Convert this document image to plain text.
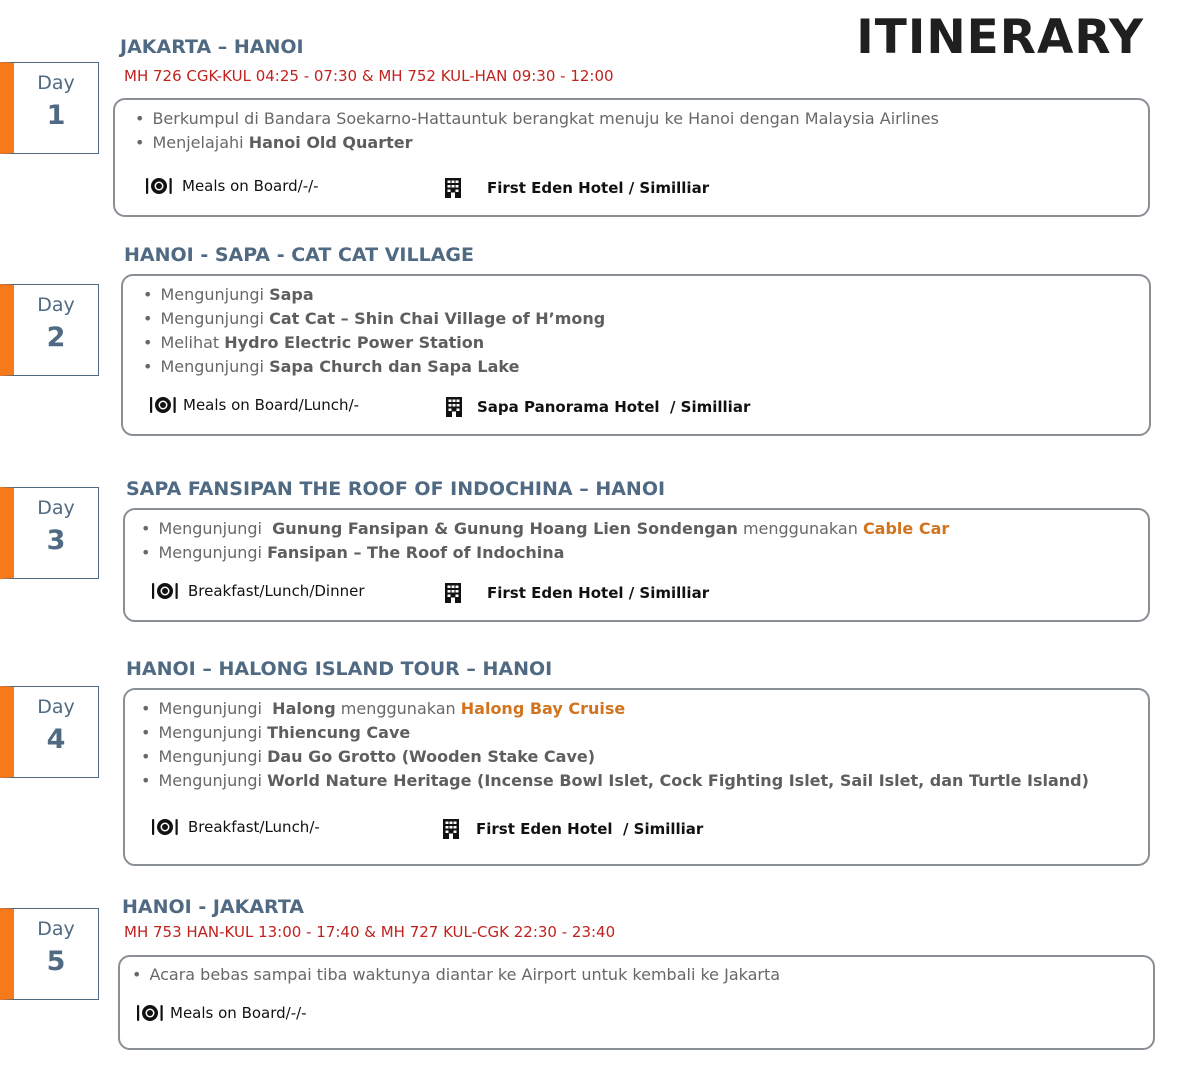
ITINERARY
Day
1
JAKARTA – HANOI
MH 726 CGK-KUL 04:25 - 07:30 & MH 752 KUL-HAN 09:30 - 12:00
• Berkumpul di Bandara Soekarno-Hattauntuk berangkat menuju ke Hanoi dengan Malaysia Airlines
• Menjelajahi Hanoi Old Quarter
Meals on Board/-/-	First Eden Hotel / Similliar
Day
2
HANOI - SAPA - CAT CAT VILLAGE
• Mengunjungi Sapa
• Mengunjungi Cat Cat – Shin Chai Village of H’mong
• Melihat Hydro Electric Power Station
• Mengunjungi Sapa Church dan Sapa Lake
Meals on Board/Lunch/-	Sapa Panorama Hotel  / Similliar
Day
3
SAPA FANSIPAN THE ROOF OF INDOCHINA – HANOI
• Mengunjungi  Gunung Fansipan & Gunung Hoang Lien Sondengan menggunakan Cable Car
• Mengunjungi Fansipan – The Roof of Indochina
Breakfast/Lunch/Dinner	First Eden Hotel / Similliar
Day
4
HANOI – HALONG ISLAND TOUR – HANOI
• Mengunjungi  Halong menggunakan Halong Bay Cruise
• Mengunjungi Thiencung Cave
• Mengunjungi Dau Go Grotto (Wooden Stake Cave)
• Mengunjungi World Nature Heritage (Incense Bowl Islet, Cock Fighting Islet, Sail Islet, dan Turtle Island)
Breakfast/Lunch/-	First Eden Hotel  / Similliar
Day
5
HANOI - JAKARTA
MH 753 HAN-KUL 13:00 - 17:40 & MH 727 KUL-CGK 22:30 - 23:40
• Acara bebas sampai tiba waktunya diantar ke Airport untuk kembali ke Jakarta
Meals on Board/-/-
